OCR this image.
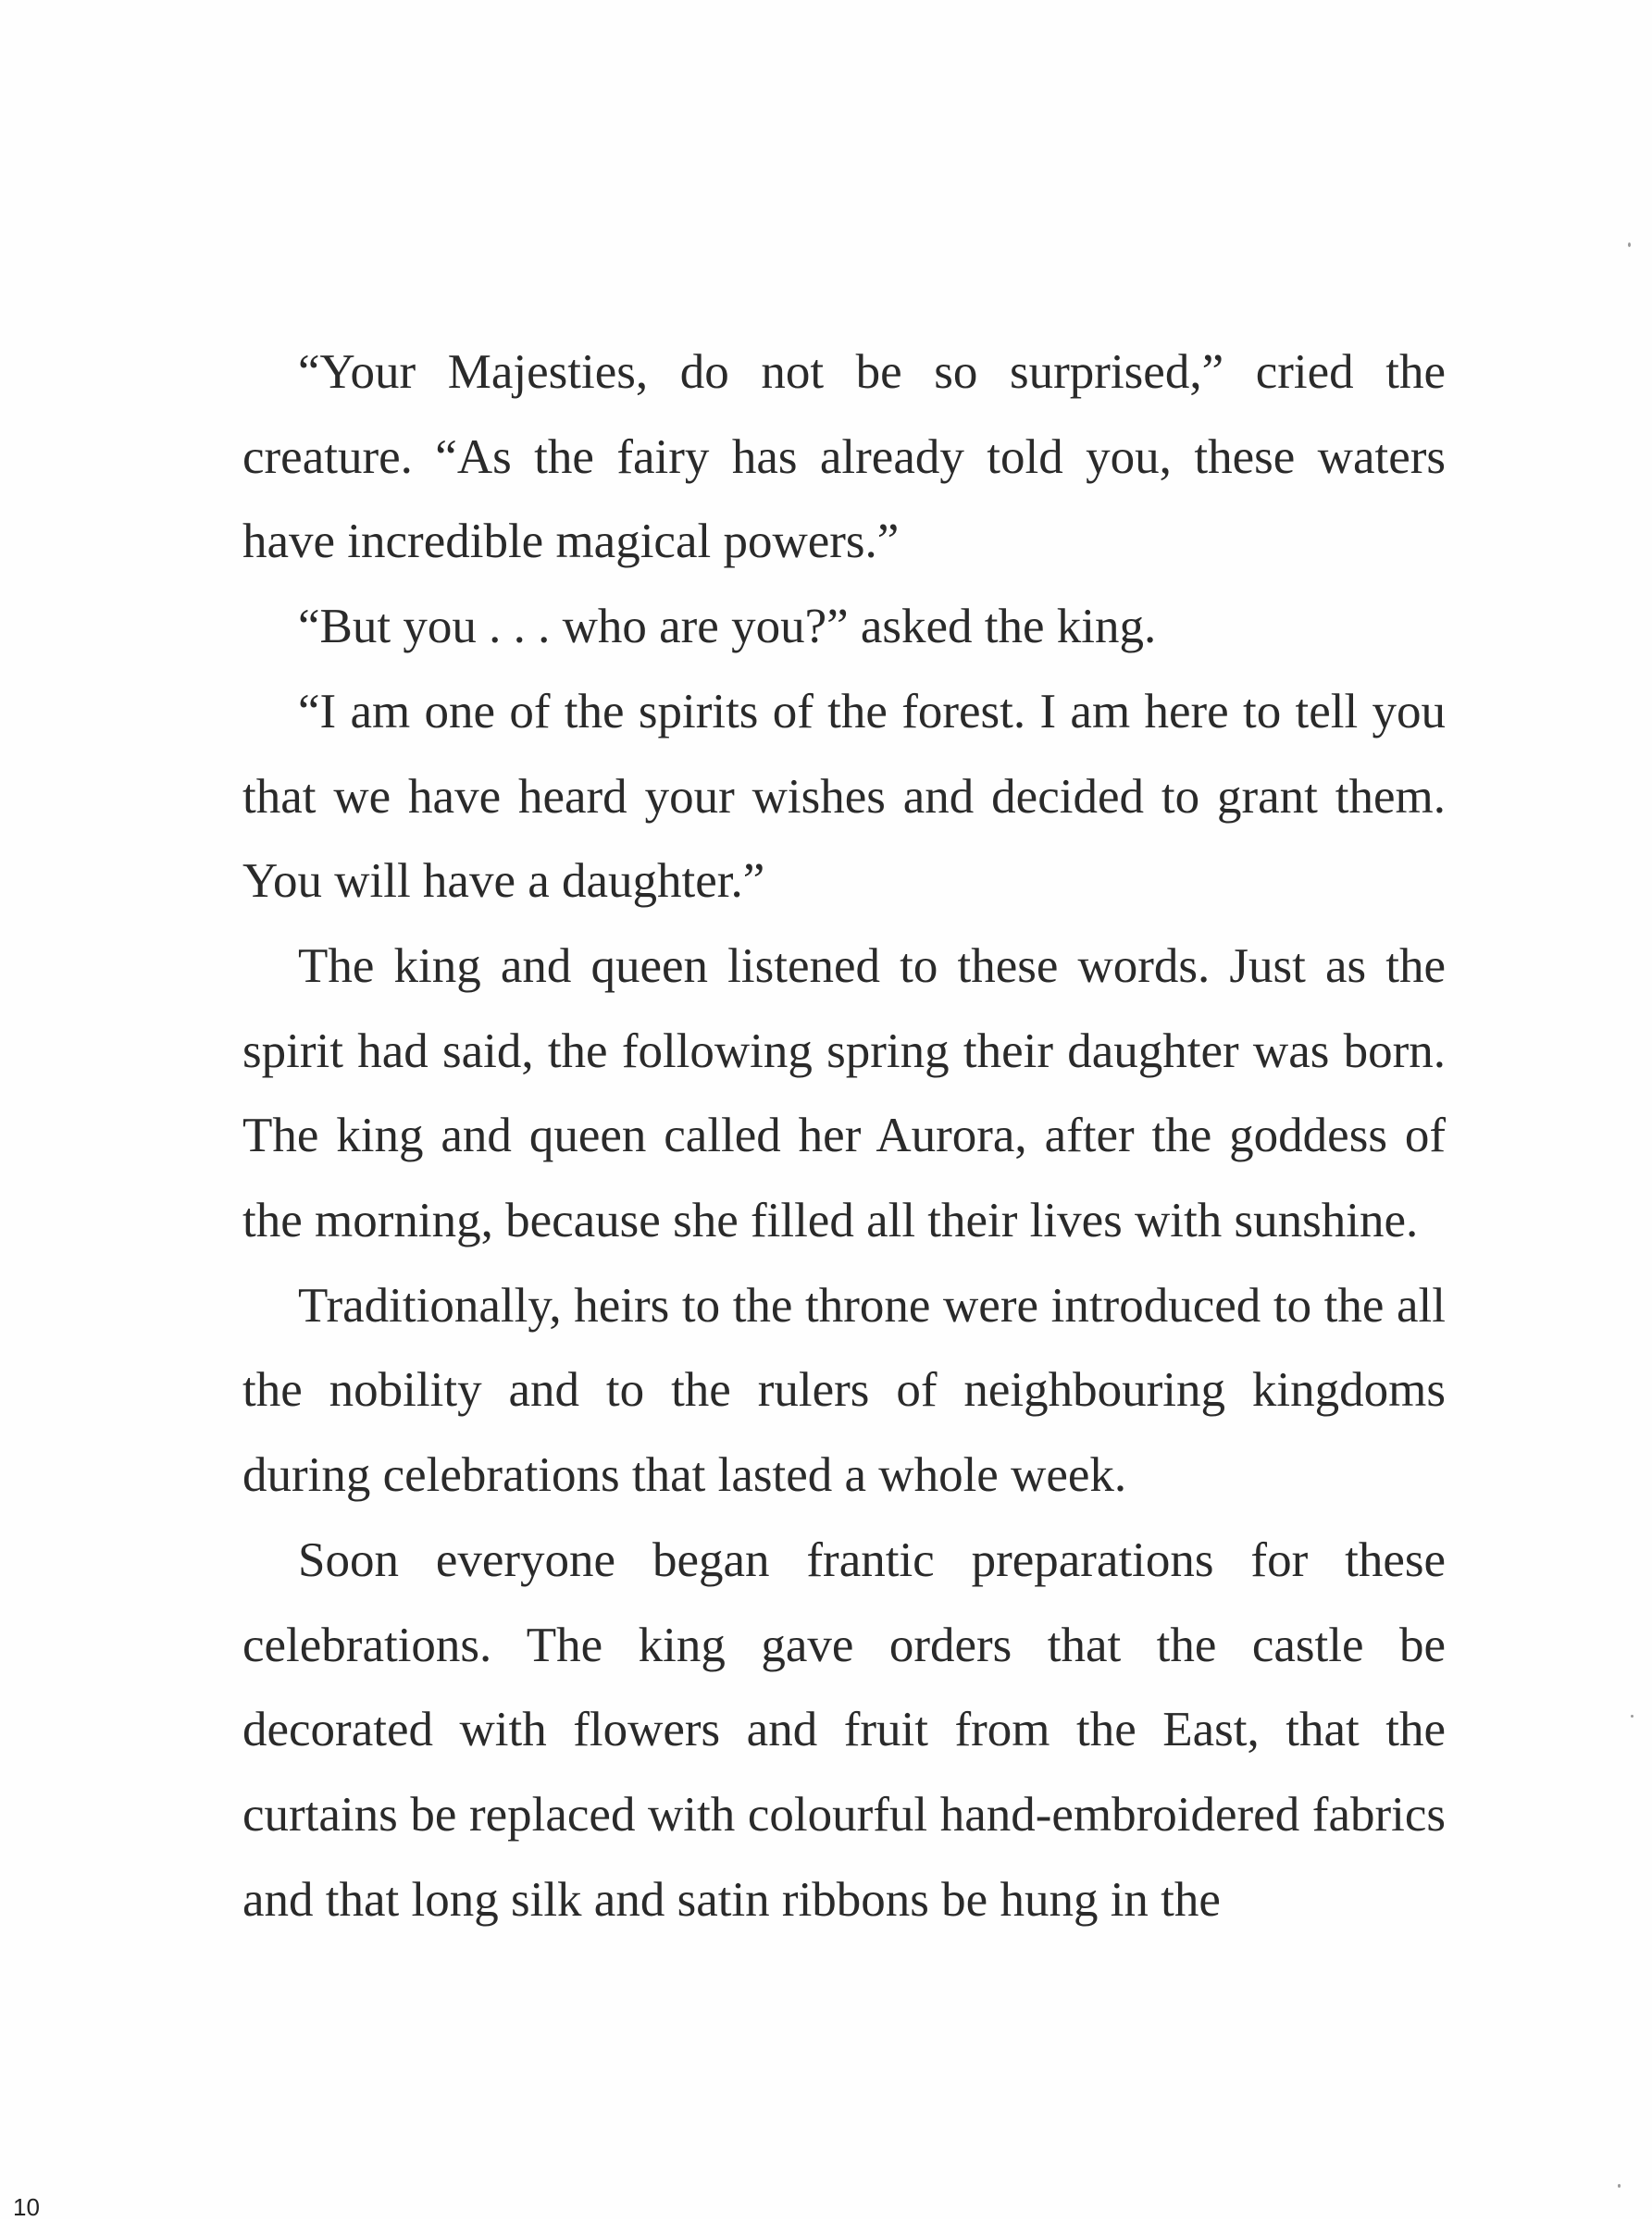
“Your Majesties, do not be so surprised,” cried the creature. “As the fairy has already told you, these waters have incredible magical powers.”

“But you . . . who are you?” asked the king.

“I am one of the spirits of the forest. I am here to tell you that we have heard your wishes and decided to grant them. You will have a daughter.”

The king and queen listened to these words. Just as the spirit had said, the following spring their daughter was born. The king and queen called her Aurora, after the goddess of the morning, because she filled all their lives with sunshine.

Traditionally, heirs to the throne were introduced to the all the nobility and to the rulers of neighbouring kingdoms during celebrations that lasted a whole week.

Soon everyone began frantic preparations for these celebrations. The king gave orders that the castle be decorated with flowers and fruit from the East, that the curtains be replaced with colourful hand-embroidered fabrics and that long silk and satin ribbons be hung in the

10
